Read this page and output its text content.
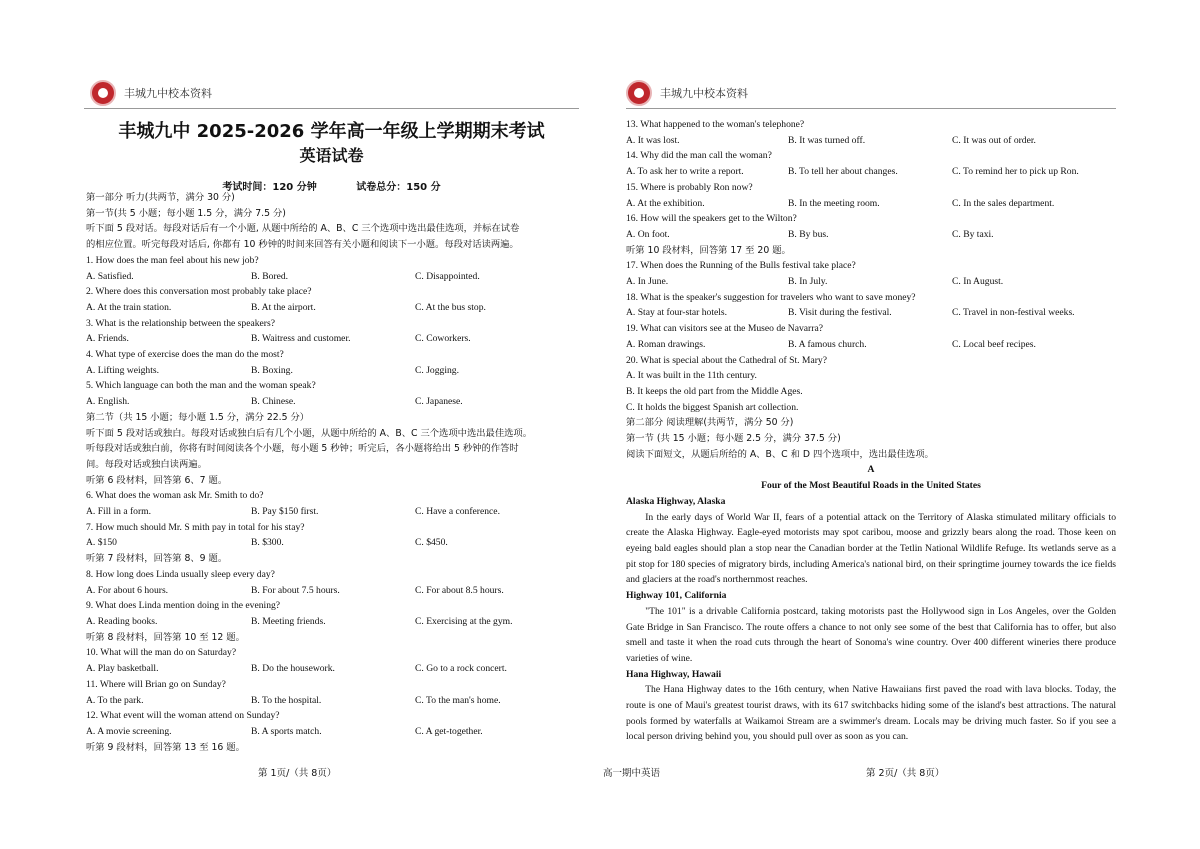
丰城九中校本资料
丰城九中 2025-2026 学年高一年级上学期期末考试
英语试卷
考试时间：120 分钟	试卷总分：150 分
第一部分 听力(共两节，满分 30 分)
第一节(共 5 小题；每小题 1.5 分，满分 7.5 分)
听下面 5 段对话。每段对话后有一个小题, 从题中所给的 A、B、C 三个选项中选出最佳选项，并标在试卷
的相应位置。听完每段对话后, 你都有 10 秒钟的时间来回答有关小题和阅读下一小题。每段对话读两遍。
1. How does the man feel about his new job?
A. Satisfied.	B. Bored.	C. Disappointed.
2. Where does this conversation most probably take place?
A. At the train station.	B. At the airport.	C. At the bus stop.
3. What is the relationship between the speakers?
A. Friends.	B. Waitress and customer.	C. Coworkers.
4. What type of exercise does the man do the most?
A. Lifting weights.	B. Boxing.	C. Jogging.
5. Which language can both the man and the woman speak?
A. English.	B. Chinese.	C. Japanese.
第二节（共 15 小题；每小题 1.5 分，满分 22.5 分）
听下面 5 段对话或独白。每段对话或独白后有几个小题，从题中所给的 A、B、C 三个选项中选出最佳选项。
听每段对话或独白前，你将有时间阅读各个小题，每小题 5 秒钟；听完后，各小题将给出 5 秒钟的作答时
间。每段对话或独白读两遍。
听第 6 段材料，回答第 6、7 题。
6. What does the woman ask Mr. Smith to do?
A. Fill in a form.	B. Pay $150 first.	C. Have a conference.
7. How much should Mr. S mith pay in total for his stay?
A. $150	B. $300.	C. $450.
听第 7 段材料，回答第 8、9 题。
8. How long does Linda usually sleep every day?
A. For about 6 hours.	B. For about 7.5 hours.	C. For about 8.5 hours.
9. What does Linda mention doing in the evening?
A. Reading books.	B. Meeting friends.	C. Exercising at the gym.
听第 8 段材料，回答第 10 至 12 题。
10. What will the man do on Saturday?
A. Play basketball.	B. Do the housework.	C. Go to a rock concert.
11. Where will Brian go on Sunday?
A. To the park.	B. To the hospital.	C. To the man's home.
12. What event will the woman attend on Sunday?
A. A movie screening.	B. A sports match.	C. A get-together.
听第 9 段材料，回答第 13 至 16 题。
丰城九中校本资料
13. What happened to the woman's telephone?
A. It was lost.	B. It was turned off.	C. It was out of order.
14. Why did the man call the woman?
A. To ask her to write a report.	B. To tell her about changes.	C. To remind her to pick up Ron.
15. Where is probably Ron now?
A. At the exhibition.	B. In the meeting room.	C. In the sales department.
16. How will the speakers get to the Wilton?
A. On foot.	B. By bus.	C. By taxi.
听第 10 段材料，回答第 17 至 20 题。
17. When does the Running of the Bulls festival take place?
A. In June.	B. In July.	C. In August.
18. What is the speaker's suggestion for travelers who want to save money?
A. Stay at four-star hotels.	B. Visit during the festival.	C. Travel in non-festival weeks.
19. What can visitors see at the Museo de Navarra?
A. Roman drawings.	B. A famous church.	C. Local beef recipes.
20. What is special about the Cathedral of St. Mary?
A. It was built in the 11th century.
B. It keeps the old part from the Middle Ages.
C. It holds the biggest Spanish art collection.
第二部分 阅读理解(共两节，满分 50 分)
第一节 (共 15 小题；每小题 2.5 分，满分 37.5 分)
阅读下面短文，从题后所给的 A、B、C 和 D 四个选项中，选出最佳选项。
A
Four of the Most Beautiful Roads in the United States
Alaska Highway, Alaska
In the early days of World War II, fears of a potential attack on the Territory of Alaska stimulated military officials to create the Alaska Highway. Eagle-eyed motorists may spot caribou, moose and grizzly bears along the road. Those keen on eyeing bald eagles should plan a stop near the Canadian border at the Tetlin National Wildlife Refuge. Its wetlands serve as a pit stop for 180 species of migratory birds, including America's national bird, on their springtime journey towards the ice fields and glaciers at the road's northernmost reaches.
Highway 101, California
"The 101" is a drivable California postcard, taking motorists past the Hollywood sign in Los Angeles, over the Golden Gate Bridge in San Francisco. The route offers a chance to not only see some of the best that California has to offer, but also smell and taste it when the road cuts through the heart of Sonoma's wine country. Over 400 different wineries there produce varieties of wine.
Hana Highway, Hawaii
The Hana Highway dates to the 16th century, when Native Hawaiians first paved the road with lava blocks. Today, the route is one of Maui's greatest tourist draws, with its 617 switchbacks hiding some of the island's best attractions. The natural pools formed by waterfalls at Waikamoi Stream are a swimmer's dream. Locals may be driving much faster. So if you see a local person driving behind you, you should pull over as soon as you can.
第 1页/（共 8页）	高一期中英语	第 2页/（共 8页）
